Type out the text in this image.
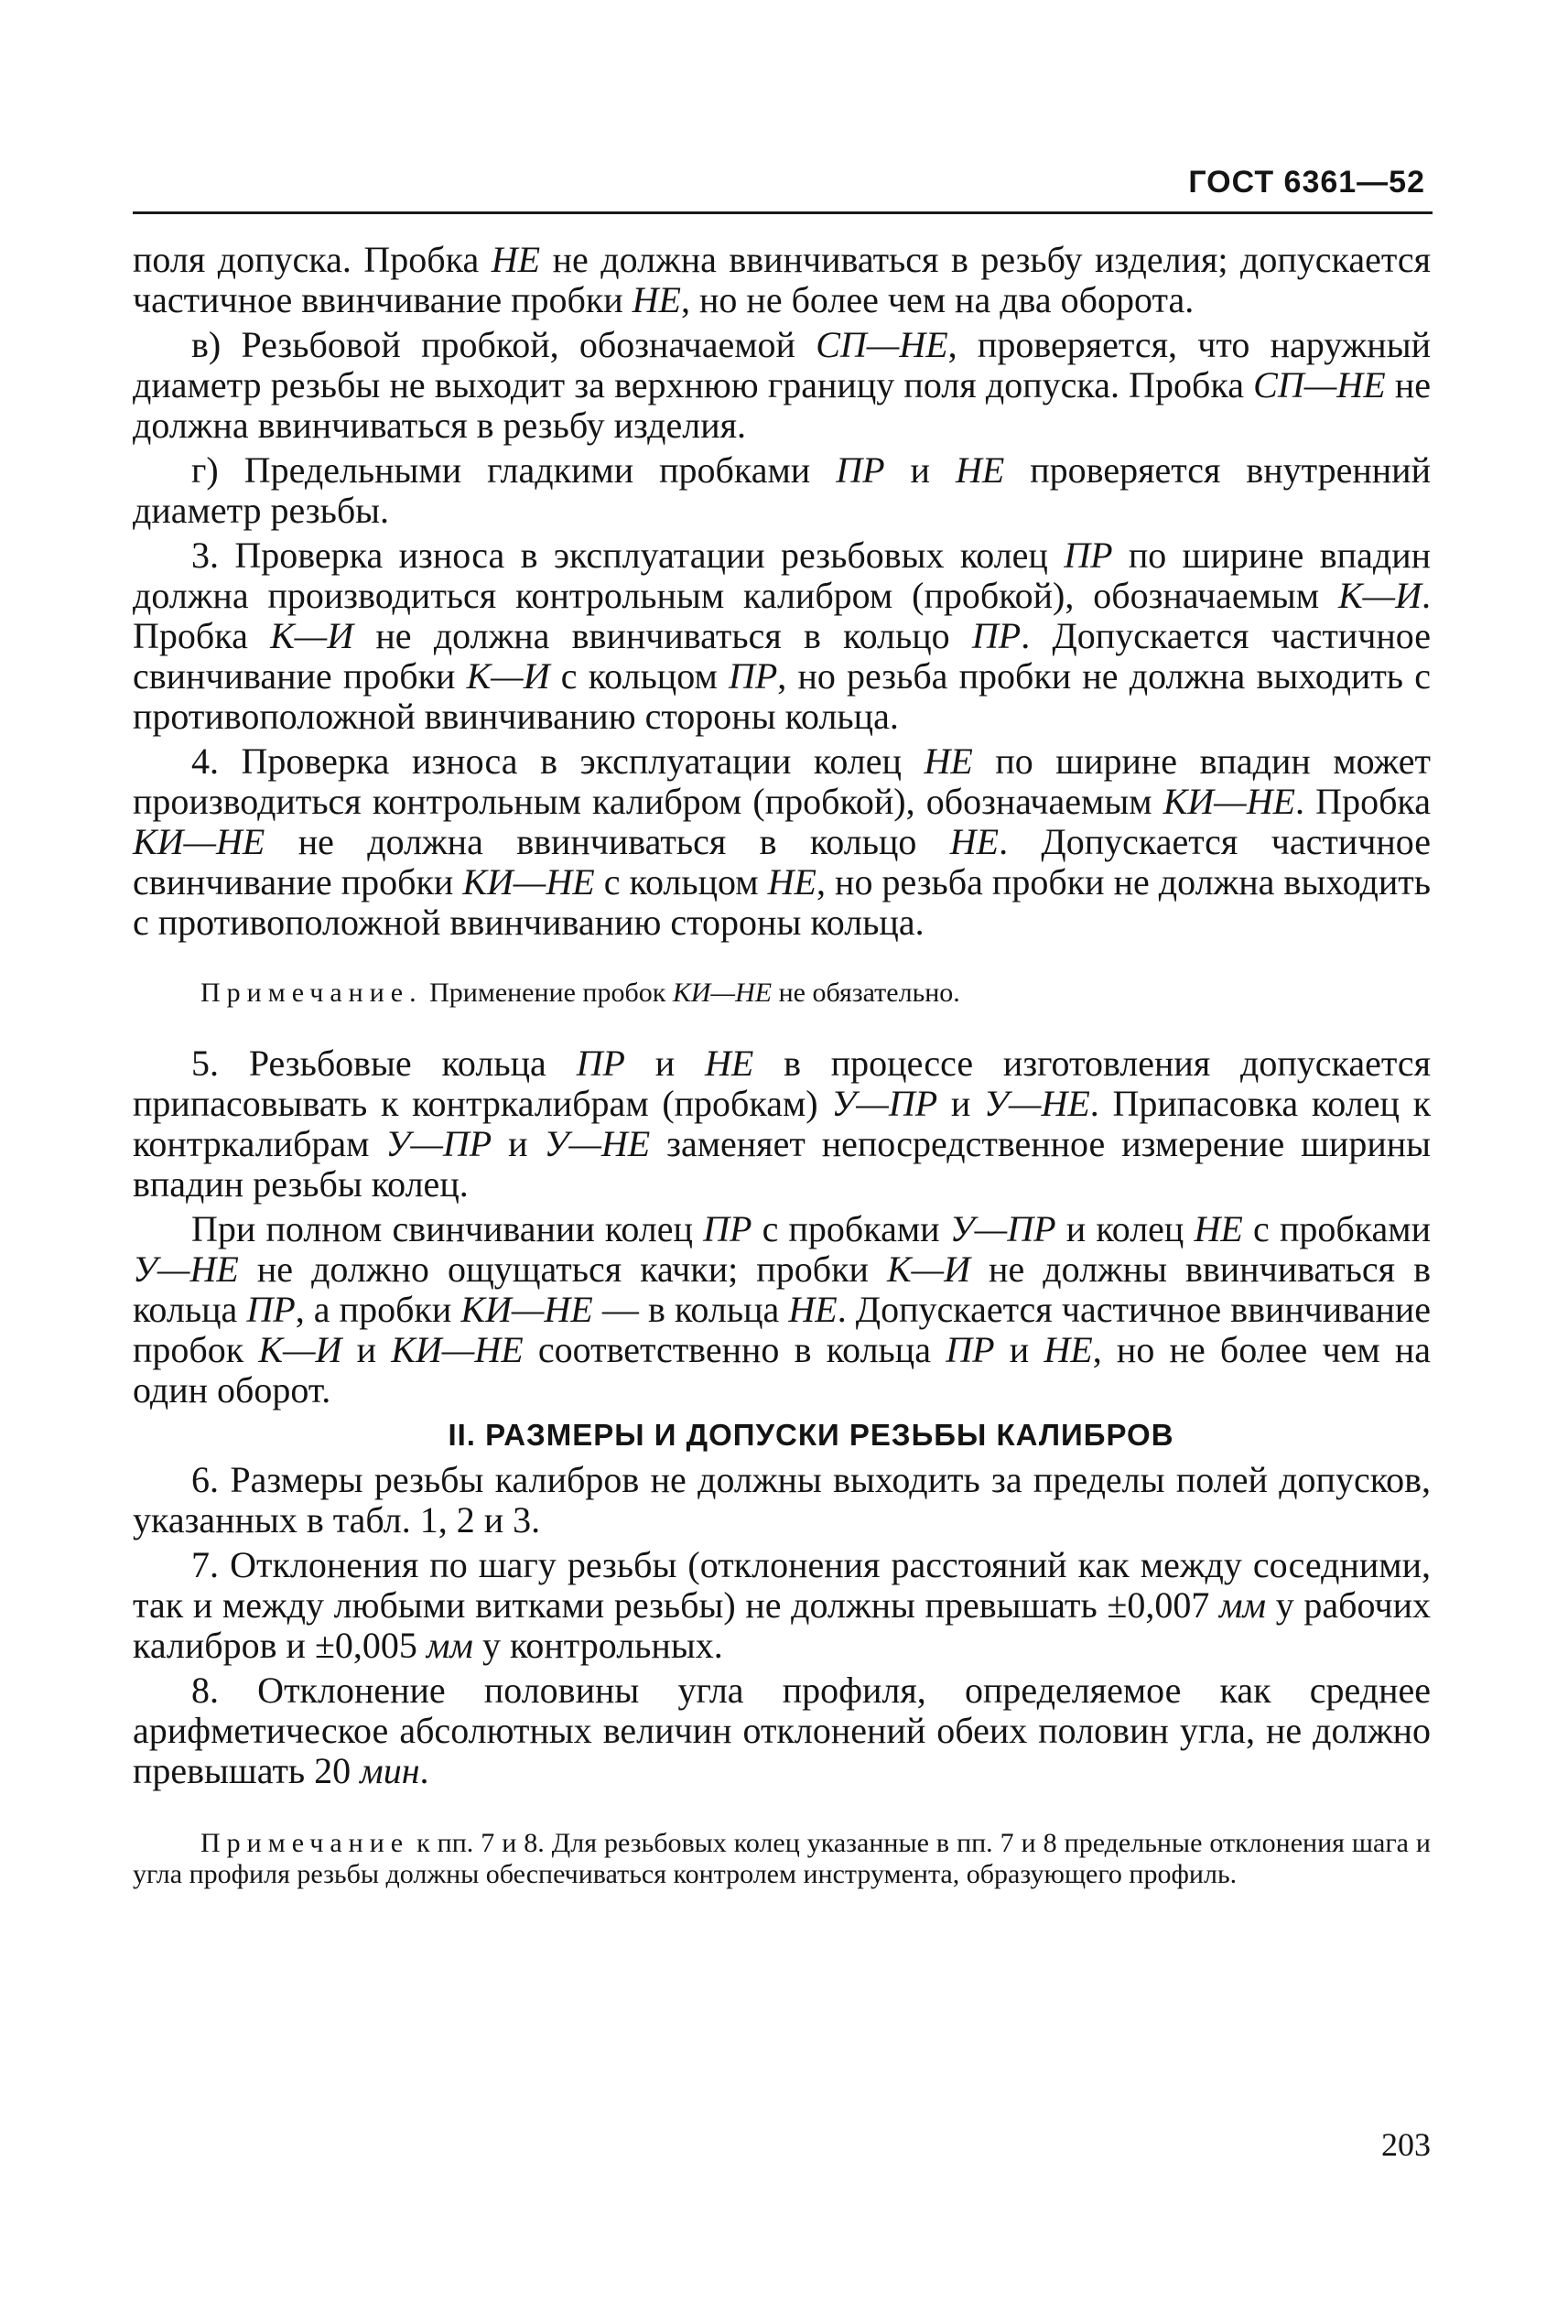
ГОСТ 6361—52

поля допуска. Пробка НЕ не должна ввинчиваться в резьбу изделия; допускается частичное ввинчивание пробки НЕ, но не более чем на два оборота.

в) Резьбовой пробкой, обозначаемой СП—НЕ, проверяется, что наружный диаметр резьбы не выходит за верхнюю границу поля допуска. Пробка СП—НЕ не должна ввинчиваться в резьбу изделия.

г) Предельными гладкими пробками ПР и НЕ проверяется внутренний диаметр резьбы.

3. Проверка износа в эксплуатации резьбовых колец ПР по ширине впадин должна производиться контрольным калибром (пробкой), обозначаемым К—И. Пробка К—И не должна ввинчиваться в кольцо ПР. Допускается частичное свинчивание пробки К—И с кольцом ПР, но резьба пробки не должна выходить с противоположной ввинчиванию стороны кольца.

4. Проверка износа в эксплуатации колец НЕ по ширине впадин может производиться контрольным калибром (пробкой), обозначаемым КИ—НЕ. Пробка КИ—НЕ не должна ввинчиваться в кольцо НЕ. Допускается частичное свинчивание пробки КИ—НЕ с кольцом НЕ, но резьба пробки не должна выходить с противоположной ввинчиванию стороны кольца.

Примечание. Применение пробок КИ—НЕ не обязательно.

5. Резьбовые кольца ПР и НЕ в процессе изготовления допускается припасовывать к контркалибрам (пробкам) У—ПР и У—НЕ. Припасовка колец к контркалибрам У—ПР и У—НЕ заменяет непосредственное измерение ширины впадин резьбы колец.

При полном свинчивании колец ПР с пробками У—ПР и колец НЕ с пробками У—НЕ не должно ощущаться качки; пробки К—И не должны ввинчиваться в кольца ПР, а пробки КИ—НЕ — в кольца НЕ. Допускается частичное ввинчивание пробок К—И и КИ—НЕ соответственно в кольца ПР и НЕ, но не более чем на один оборот.

II. РАЗМЕРЫ И ДОПУСКИ РЕЗЬБЫ КАЛИБРОВ

6. Размеры резьбы калибров не должны выходить за пределы полей допусков, указанных в табл. 1, 2 и 3.

7. Отклонения по шагу резьбы (отклонения расстояний как между соседними, так и между любыми витками резьбы) не должны превышать ±0,007 мм у рабочих калибров и ±0,005 мм у контрольных.

8. Отклонение половины угла профиля, определяемое как среднее арифметическое абсолютных величин отклонений обеих половин угла, не должно превышать 20 мин.

Примечание к пп. 7 и 8. Для резьбовых колец указанные в пп. 7 и 8 предельные отклонения шага и угла профиля резьбы должны обеспечиваться контролем инструмента, образующего профиль.

203
